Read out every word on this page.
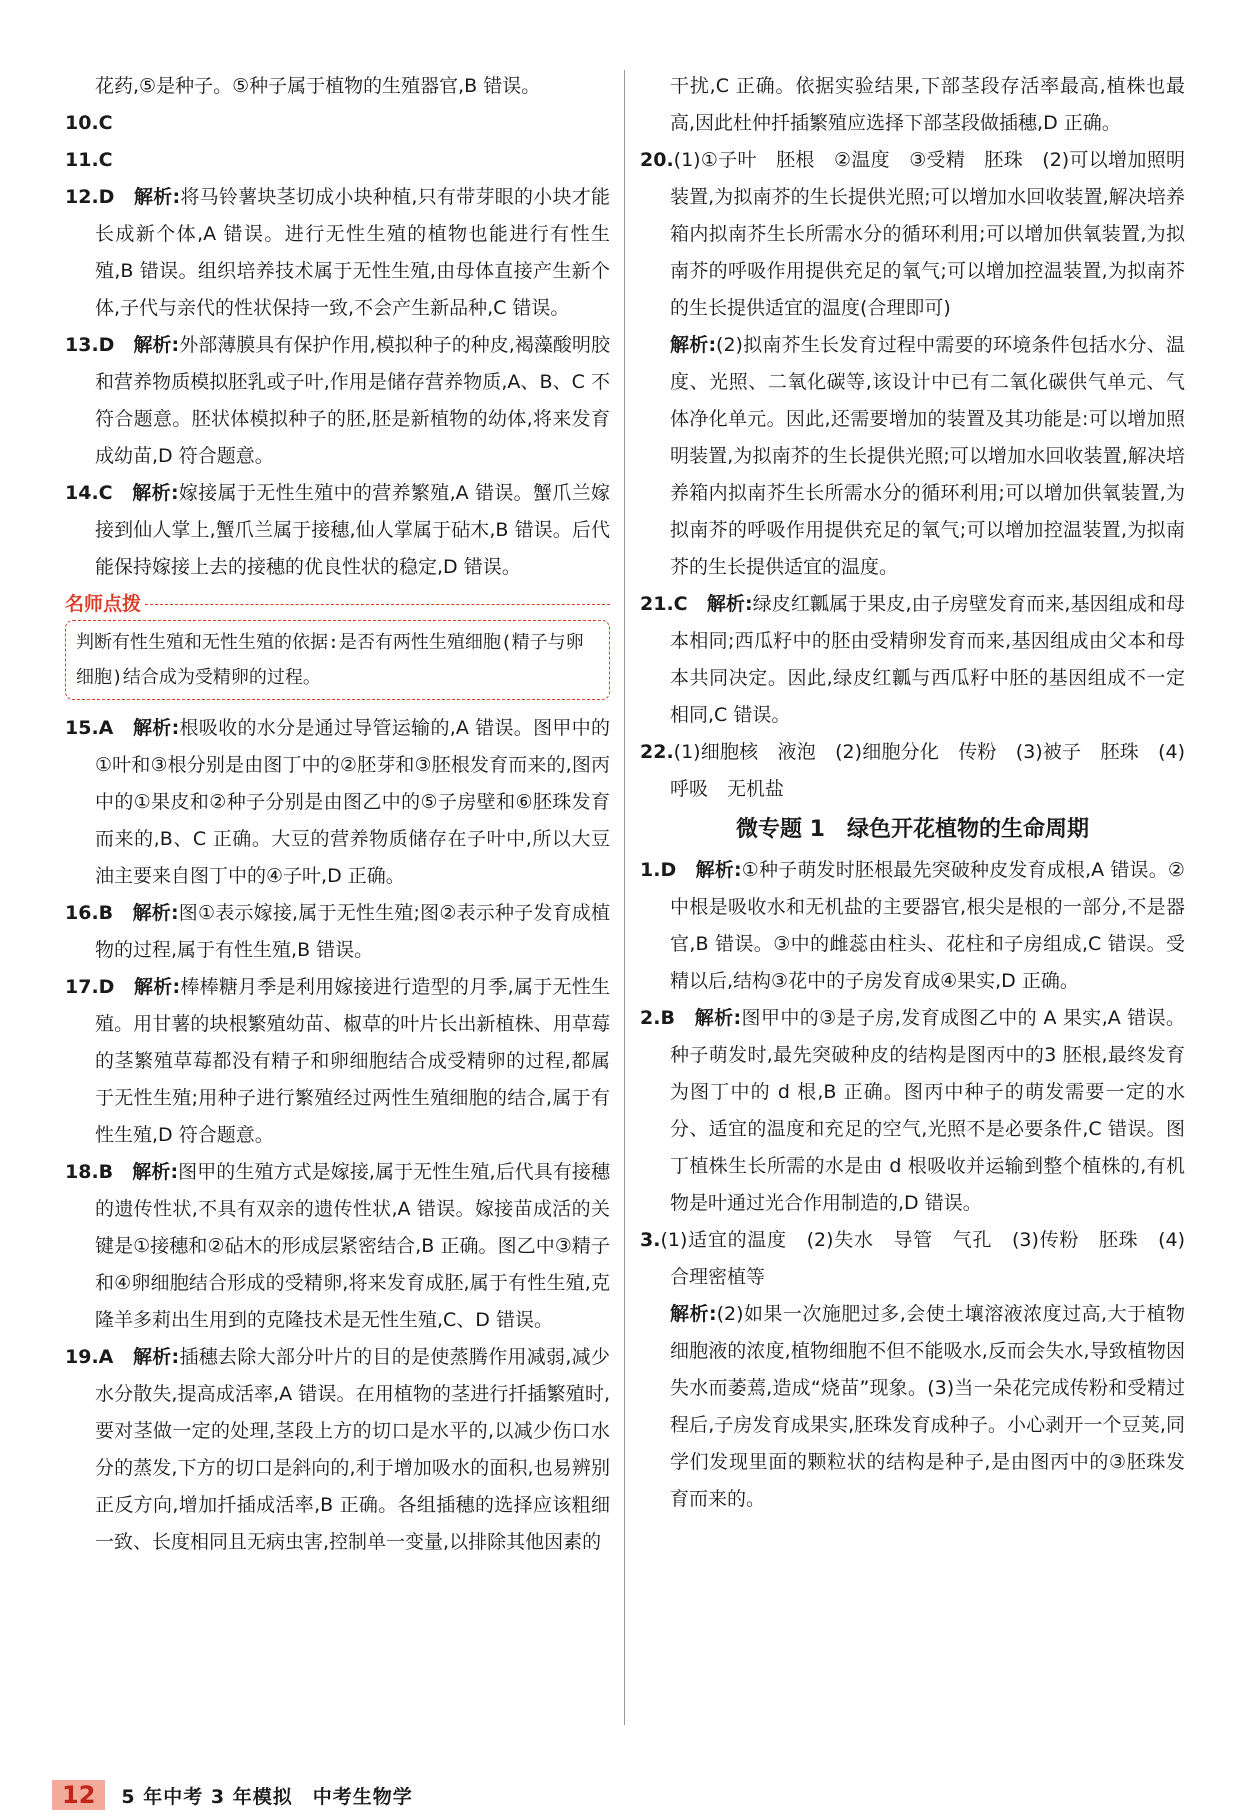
花药,⑤是种子。⑤种子属于植物的生殖器官,B 错误。
10.C
11.C
12.D　 解析:将马铃薯块茎切成小块种植,只有带芽眼的小块才能长成新个体,A 错误。进行无性生殖的植物也能进行有性生殖,B 错误。组织培养技术属于无性生殖,由母体直接产生新个体,子代与亲代的性状保持一致,不会产生新品种,C 错误。
13.D　 解析:外部薄膜具有保护作用,模拟种子的种皮,褐藻酸明胶和营养物质模拟胚乳或子叶,作用是储存营养物质,A、B、C 不符合题意。胚状体模拟种子的胚,胚是新植物的幼体,将来发育成幼苗,D 符合题意。
14.C　 解析:嫁接属于无性生殖中的营养繁殖,A 错误。蟹爪兰嫁接到仙人掌上,蟹爪兰属于接穗,仙人掌属于砧木,B 错误。后代能保持嫁接上去的接穗的优良性状的稳定,D 错误。
名师点拨
判断有性生殖和无性生殖的依据:是否有两性生殖细胞(精子与卵细胞)结合成为受精卵的过程。
15.A　 解析:根吸收的水分是通过导管运输的,A 错误。图甲中的①叶和③根分别是由图丁中的②胚芽和③胚根发育而来的,图丙中的①果皮和②种子分别是由图乙中的⑤子房壁和⑥胚珠发育而来的,B、C 正确。大豆的营养物质储存在子叶中,所以大豆油主要来自图丁中的④子叶,D 正确。
16.B　 解析:图①表示嫁接,属于无性生殖;图②表示种子发育成植物的过程,属于有性生殖,B 错误。
17.D　 解析:棒棒糖月季是利用嫁接进行造型的月季,属于无性生殖。用甘薯的块根繁殖幼苗、椒草的叶片长出新植株、用草莓的茎繁殖草莓都没有精子和卵细胞结合成受精卵的过程,都属于无性生殖;用种子进行繁殖经过两性生殖细胞的结合,属于有性生殖,D 符合题意。
18.B　 解析:图甲的生殖方式是嫁接,属于无性生殖,后代具有接穗的遗传性状,不具有双亲的遗传性状,A 错误。嫁接苗成活的关键是①接穗和②砧木的形成层紧密结合,B 正确。图乙中③精子和④卵细胞结合形成的受精卵,将来发育成胚,属于有性生殖,克隆羊多莉出生用到的克隆技术是无性生殖,C、D 错误。
19.A　 解析:插穗去除大部分叶片的目的是使蒸腾作用减弱,减少水分散失,提高成活率,A 错误。在用植物的茎进行扦插繁殖时,要对茎做一定的处理,茎段上方的切口是水平的,以减少伤口水分的蒸发,下方的切口是斜向的,利于增加吸水的面积,也易辨别正反方向,增加扦插成活率,B 正确。各组插穗的选择应该粗细一致、长度相同且无病虫害,控制单一变量,以排除其他因素的
干扰,C 正确。依据实验结果,下部茎段存活率最高,植株也最高,因此杜仲扦插繁殖应选择下部茎段做插穗,D 正确。
20.(1)①子叶　胚根　②温度　③受精　胚珠　(2)可以增加照明装置,为拟南芥的生长提供光照;可以增加水回收装置,解决培养箱内拟南芥生长所需水分的循环利用;可以增加供氧装置,为拟南芥的呼吸作用提供充足的氧气;可以增加控温装置,为拟南芥的生长提供适宜的温度(合理即可)
解析:(2)拟南芥生长发育过程中需要的环境条件包括水分、温度、光照、二氧化碳等,该设计中已有二氧化碳供气单元、气体净化单元。因此,还需要增加的装置及其功能是:可以增加照明装置,为拟南芥的生长提供光照;可以增加水回收装置,解决培养箱内拟南芥生长所需水分的循环利用;可以增加供氧装置,为拟南芥的呼吸作用提供充足的氧气;可以增加控温装置,为拟南芥的生长提供适宜的温度。
21.C　 解析:绿皮红瓤属于果皮,由子房壁发育而来,基因组成和母本相同;西瓜籽中的胚由受精卵发育而来,基因组成由父本和母本共同决定。因此,绿皮红瓤与西瓜籽中胚的基因组成不一定相同,C 错误。
22.(1)细胞核　液泡　(2)细胞分化　传粉　(3)被子　胚珠　(4)呼吸　无机盐
微专题 1　绿色开花植物的生命周期
1.D　 解析:①种子萌发时胚根最先突破种皮发育成根,A 错误。②中根是吸收水和无机盐的主要器官,根尖是根的一部分,不是器官,B 错误。③中的雌蕊由柱头、花柱和子房组成,C 错误。受精以后,结构③花中的子房发育成④果实,D 正确。
2.B　 解析:图甲中的③是子房,发育成图乙中的 A 果实,A 错误。种子萌发时,最先突破种皮的结构是图丙中的3 胚根,最终发育为图丁中的 d 根,B 正确。图丙中种子的萌发需要一定的水分、适宜的温度和充足的空气,光照不是必要条件,C 错误。图丁植株生长所需的水是由 d 根吸收并运输到整个植株的,有机物是叶通过光合作用制造的,D 错误。
3.(1)适宜的温度　(2)失水　导管　气孔　(3)传粉　胚珠　(4)合理密植等
解析:(2)如果一次施肥过多,会使土壤溶液浓度过高,大于植物细胞液的浓度,植物细胞不但不能吸水,反而会失水,导致植物因失水而萎蔫,造成“烧苗”现象。(3)当一朵花完成传粉和受精过程后,子房发育成果实,胚珠发育成种子。小心剥开一个豆荚,同学们发现里面的颗粒状的结构是种子,是由图丙中的③胚珠发育而来的。
12	5 年中考 3 年模拟　中考生物学
